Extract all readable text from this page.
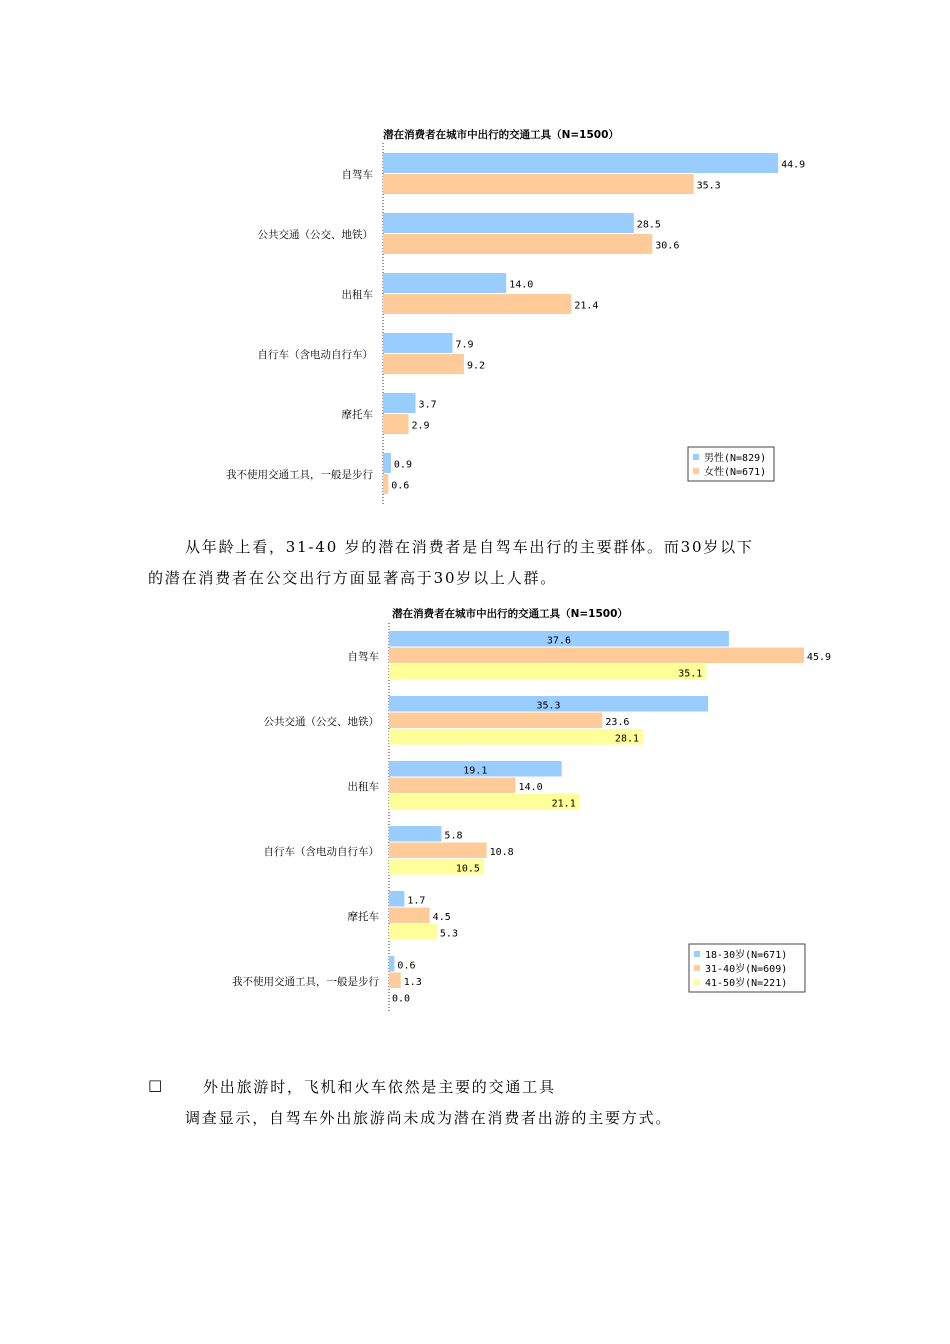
潜在消费者在城市中出行的交通工具（N=1500）
自驾车
44.9
35.3
公共交通（公交、地铁）
28.5
30.6
出租车
14.0
21.4
自行车（含电动自行车）
7.9
9.2
摩托车
3.7
2.9
我不使用交通工具，一般是步行
0.9
0.6
男性(N=829)
女性(N=671)
潜在消费者在城市中出行的交通工具（N=1500）
自驾车
37.6
45.9
35.1
公共交通（公交、地铁）
35.3
23.6
28.1
出租车
19.1
14.0
21.1
自行车（含电动自行车）
5.8
10.8
10.5
摩托车
1.7
4.5
5.3
我不使用交通工具，一般是步行
0.6
1.3
0.0
18-30岁(N=671)
31-40岁(N=609)
41-50岁(N=221)

从年龄上看，31-40 岁的潜在消费者是自驾车出行的主要群体。而30岁以下

的潜在消费者在公交出行方面显著高于30岁以上人群。

□	外出旅游时，飞机和火车依然是主要的交通工具

调查显示，自驾车外出旅游尚未成为潜在消费者出游的主要方式。
